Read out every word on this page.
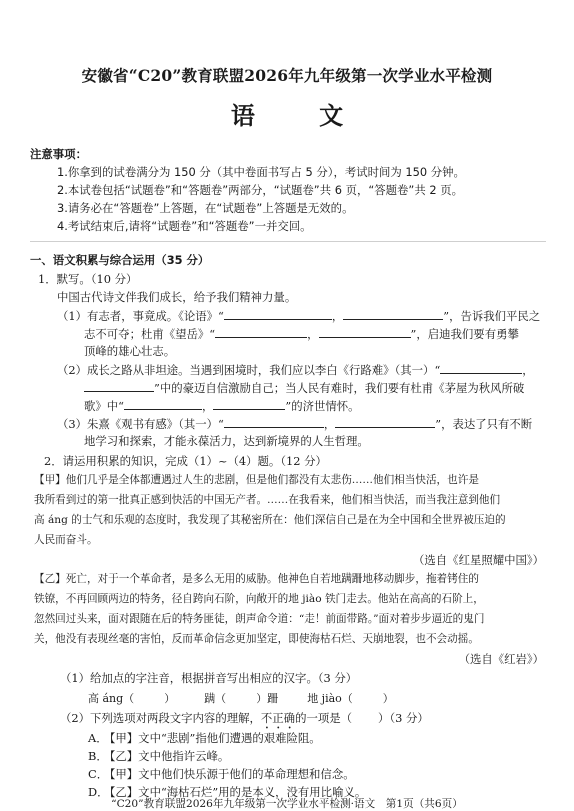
安徽省“C20”教育联盟2026年九年级第一次学业水平检测
语 文
注意事项：
1.你拿到的试卷满分为 150 分（其中卷面书写占 5 分），考试时间为 150 分钟。
2.本试卷包括“试题卷”和“答题卷”两部分，“试题卷”共 6 页，“答题卷”共 2 页。
3.请务必在“答题卷”上答题，在“试题卷”上答题是无效的。
4.考试结束后,请将“试题卷”和“答题卷”一并交回。
一、语文积累与综合运用（35 分）
1．默写。（10 分）
中国古代诗文伴我们成长，给予我们精神力量。
（1）有志者，事竟成。《论语》“	，	”，告诉我们平民之
志不可夺；杜甫《望岳》“	，	”，启迪我们要有勇攀
顶峰的雄心壮志。
（2）成长之路从非坦途。当遇到困境时，我们应以李白《行路难》（其一）“	，
”中的豪迈自信激励自己；当人民有难时，我们要有杜甫《茅屋为秋风所破
歌》中“	，	”的济世情怀。
（3）朱熹《观书有感》（其一）“	，	”，表达了只有不断
地学习和探索，才能永葆活力，达到新境界的人生哲理。
2．请运用积累的知识，完成（1）~（4）题。（12 分）
【甲】他们几乎是全体都遭遇过人生的悲剧，但是他们都没有太悲伤……他们相当快活，也许是
我所看到过的第一批真正感到快活的中国无产者。……在我看来，他们相当快活，而当我注意到他们
高 áng 的士气和乐观的态度时，我发现了其秘密所在：他们深信自己是在为全中国和全世界被压迫的
人民而奋斗。
（选自《红星照耀中国》）
【乙】死亡，对于一个革命者，是多么无用的威胁。他神色自若地蹒跚地移动脚步，拖着铐住的
铁镣，不再回顾两边的特务，径自跨向石阶，向敞开的地 jiào 铁门走去。他站在高高的石阶上，
忽然回过头来，面对跟随在后的特务匪徒，朗声命令道：“走！前面带路。”面对着步步逼近的鬼门
关，他没有表现丝毫的害怕，反而革命信念更加坚定，即使海枯石烂、天崩地裂，也不会动摇。
（选自《红岩》）
（1）给加点的字注音，根据拼音写出相应的汉字。（3 分）
高 áng（	）	蹒（	）跚	地 jiào（	）
（2）下列选项对两段文字内容的理解，不正确的一项是（ ）（3 分）
A．【甲】文中“悲剧”指他们遭遇的艰难险阻。
B．【乙】文中他指许云峰。
C．【甲】文中他们快乐源于他们的革命理想和信念。
D．【乙】文中“海枯石烂”用的是本义，没有用比喻义。
“C20”教育联盟2026年九年级第一次学业水平检测·语文　第1页（共6页）
